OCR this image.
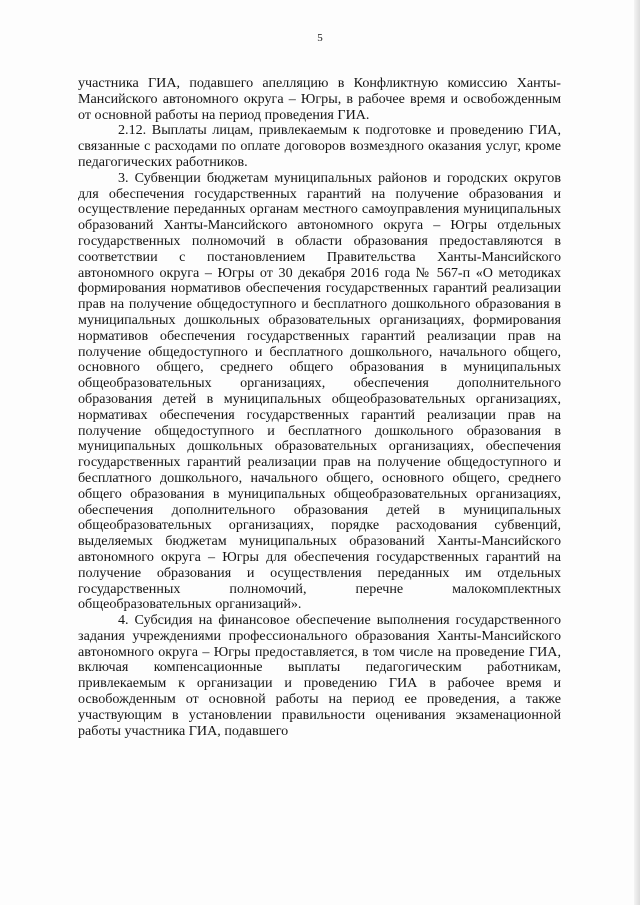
5

участника ГИА, подавшего апелляцию в Конфликтную комиссию Ханты-Мансийского автономного округа – Югры, в рабочее время и освобожденным от основной работы на период проведения ГИА.

2.12. Выплаты лицам, привлекаемым к подготовке и проведению ГИА, связанные с расходами по оплате договоров возмездного оказания услуг, кроме педагогических работников.

3. Субвенции бюджетам муниципальных районов и городских округов для обеспечения государственных гарантий на получение образования и осуществление переданных органам местного самоуправления муниципальных образований Ханты-Мансийского автономного округа – Югры отдельных государственных полномочий в области образования предоставляются в соответствии с постановлением Правительства Ханты-Мансийского автономного округа – Югры от 30 декабря 2016 года № 567-п «О методиках формирования нормативов обеспечения государственных гарантий реализации прав на получение общедоступного и бесплатного дошкольного образования в муниципальных дошкольных образовательных организациях, формирования нормативов обеспечения государственных гарантий реализации прав на получение общедоступного и бесплатного дошкольного, начального общего, основного общего, среднего общего образования в муниципальных общеобразовательных организациях, обеспечения дополнительного образования детей в муниципальных общеобразовательных организациях, нормативах обеспечения государственных гарантий реализации прав на получение общедоступного и бесплатного дошкольного образования в муниципальных дошкольных образовательных организациях, обеспечения государственных гарантий реализации прав на получение общедоступного и бесплатного дошкольного, начального общего, основного общего, среднего общего образования в муниципальных общеобразовательных организациях, обеспечения дополнительного образования детей в муниципальных общеобразовательных организациях, порядке расходования субвенций, выделяемых бюджетам муниципальных образований Ханты-Мансийского автономного округа – Югры для обеспечения государственных гарантий на получение образования и осуществления переданных им отдельных государственных полномочий, перечне малокомплектных общеобразовательных организаций».

4. Субсидия на финансовое обеспечение выполнения государственного задания учреждениями профессионального образования Ханты-Мансийского автономного округа – Югры предоставляется, в том числе на проведение ГИА, включая компенсационные выплаты педагогическим работникам, привлекаемым к организации и проведению ГИА в рабочее время и освобожденным от основной работы на период ее проведения, а также участвующим в установлении правильности оценивания экзаменационной работы участника ГИА, подавшего
